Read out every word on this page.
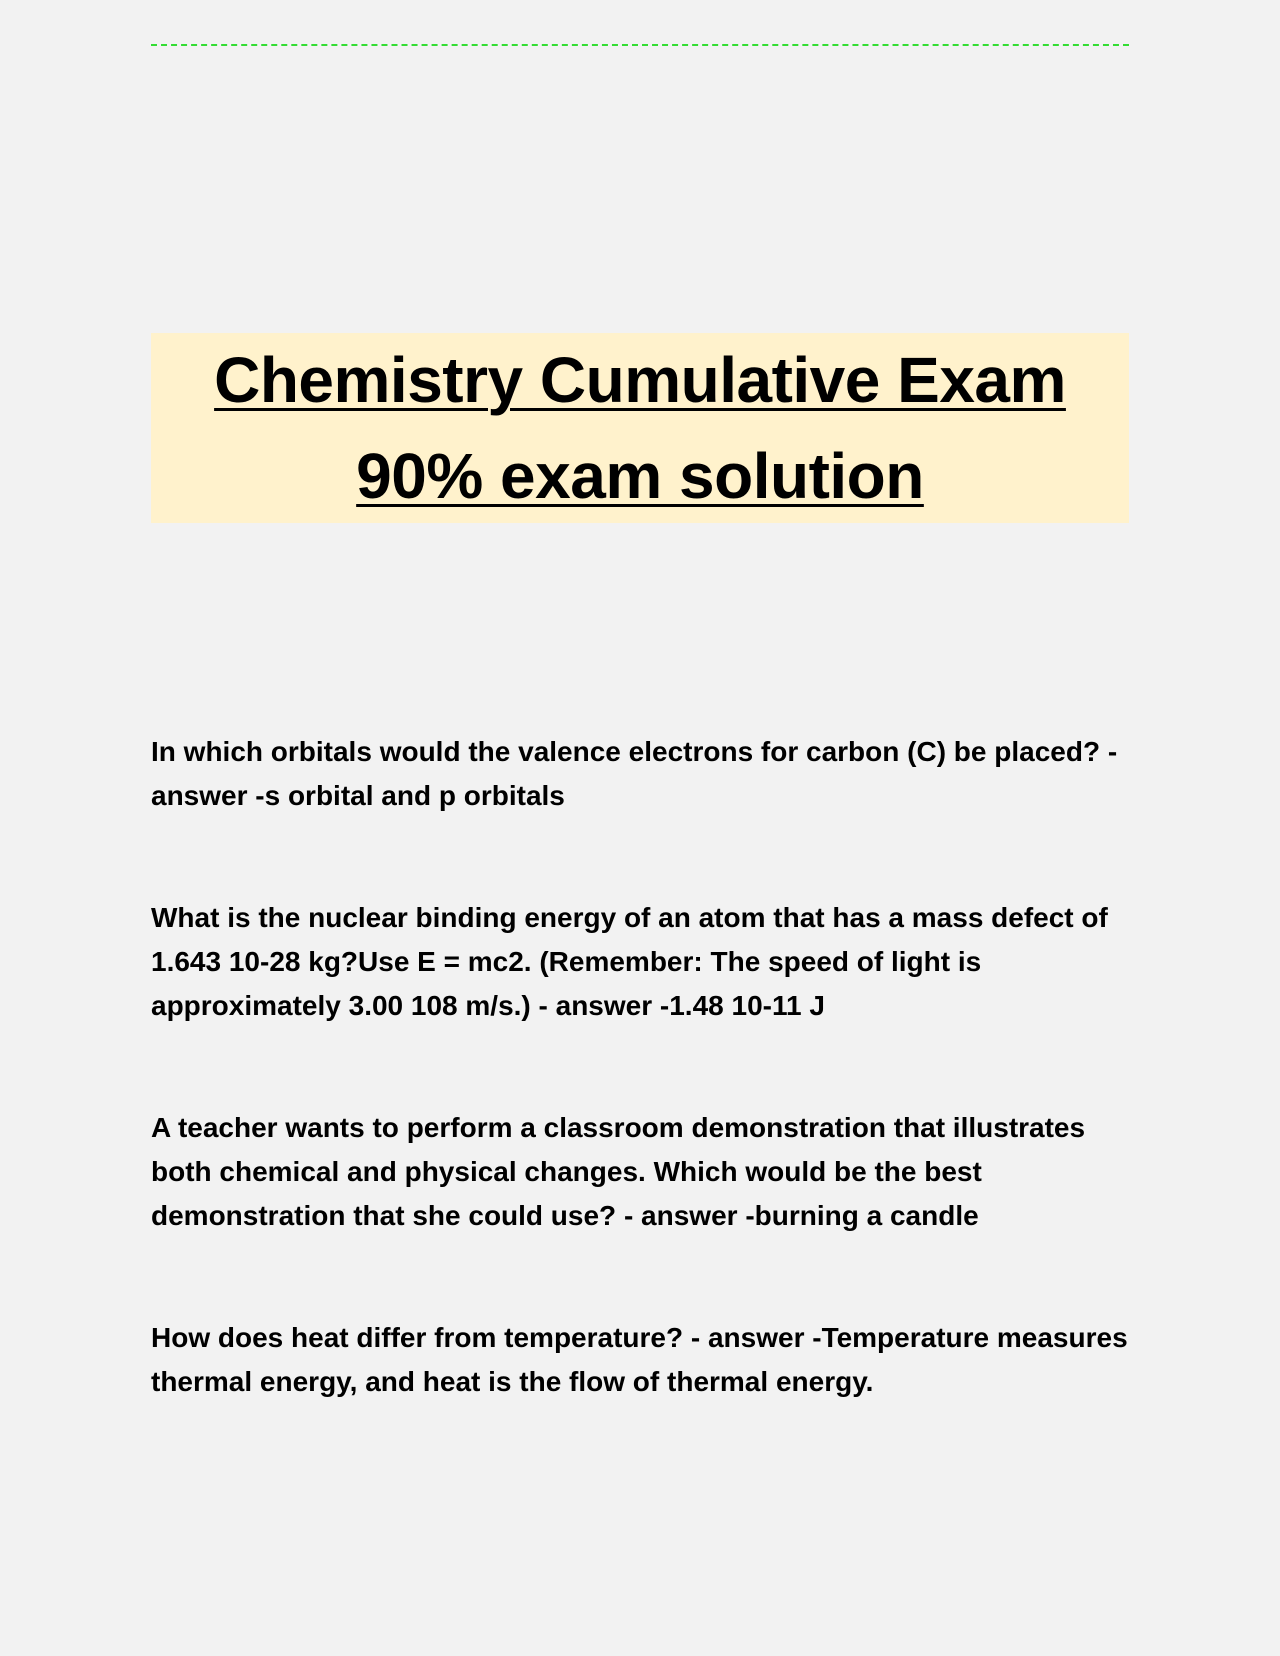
Chemistry Cumulative Exam
90% exam solution

In which orbitals would the valence electrons for carbon (C) be placed? - answer -s orbital and p orbitals

What is the nuclear binding energy of an atom that has a mass defect of 1.643 10-28 kg?Use E = mc2. (Remember: The speed of light is approximately 3.00 108 m/s.) - answer -1.48 10-11 J

A teacher wants to perform a classroom demonstration that illustrates both chemical and physical changes. Which would be the best demonstration that she could use? - answer -burning a candle

How does heat differ from temperature? - answer -Temperature measures thermal energy, and heat is the flow of thermal energy.
